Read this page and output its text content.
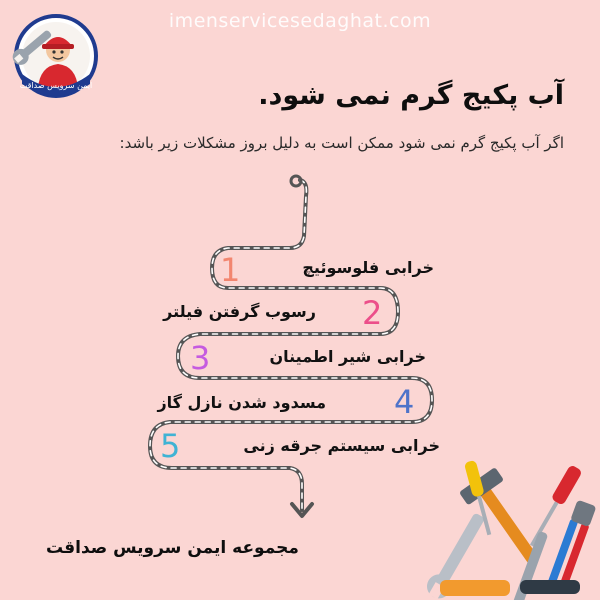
imenservicesedaghat.com
ایمن سرویس صداقت	آب پکیج گرم نمی شود.
اگر آب پکیج گرم نمی شود ممکن است به دلیل بروز مشکلات زیر باشد:
1	خرابی فلوسوئیچ
2
رسوب گرفتن فیلتر
3	خرابی شیر اطمینان
4
مسدود شدن نازل گاز
5	خرابی سیستم جرقه زنی
مجموعه ایمن سرویس صداقت
